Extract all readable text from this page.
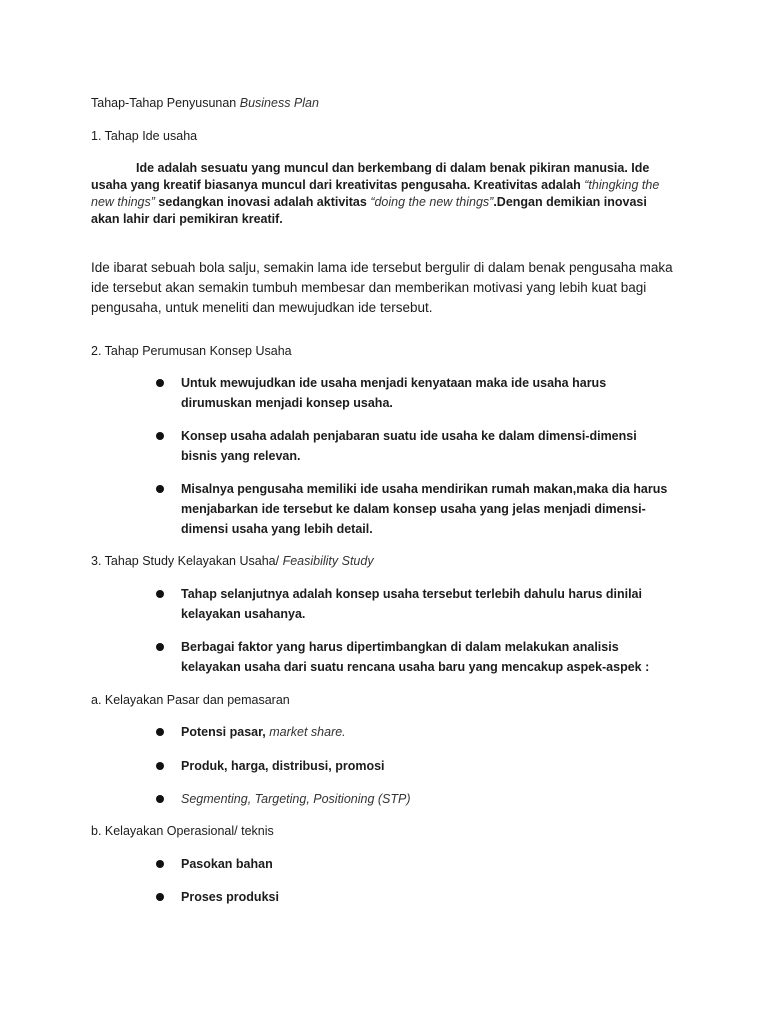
Tahap-Tahap Penyusunan Business Plan
1. Tahap Ide usaha
Ide adalah sesuatu yang muncul dan berkembang di dalam benak pikiran manusia. Ide usaha yang kreatif biasanya muncul dari kreativitas pengusaha. Kreativitas adalah “thingking the new things” sedangkan inovasi adalah aktivitas “doing the new things”.Dengan demikian inovasi akan lahir dari pemikiran kreatif.
Ide ibarat sebuah bola salju, semakin lama ide tersebut bergulir di dalam benak pengusaha maka ide tersebut akan semakin tumbuh membesar dan memberikan motivasi yang lebih kuat bagi pengusaha, untuk meneliti dan mewujudkan ide tersebut.
2. Tahap Perumusan Konsep Usaha
Untuk mewujudkan ide usaha menjadi kenyataan maka ide usaha harus dirumuskan menjadi konsep usaha.
Konsep usaha adalah penjabaran suatu ide usaha ke dalam dimensi-dimensi bisnis yang relevan.
Misalnya pengusaha memiliki ide usaha mendirikan rumah makan,maka dia harus menjabarkan ide tersebut ke dalam konsep usaha yang jelas menjadi dimensi-dimensi usaha yang lebih detail.
3. Tahap Study Kelayakan Usaha/ Feasibility Study
Tahap selanjutnya adalah konsep usaha tersebut terlebih dahulu harus dinilai kelayakan usahanya.
Berbagai faktor yang harus dipertimbangkan di dalam melakukan analisis kelayakan usaha dari suatu rencana usaha baru yang mencakup aspek-aspek :
a. Kelayakan Pasar dan pemasaran
Potensi pasar, market share.
Produk, harga, distribusi, promosi
Segmenting, Targeting, Positioning (STP)
b. Kelayakan Operasional/ teknis
Pasokan bahan
Proses produksi
